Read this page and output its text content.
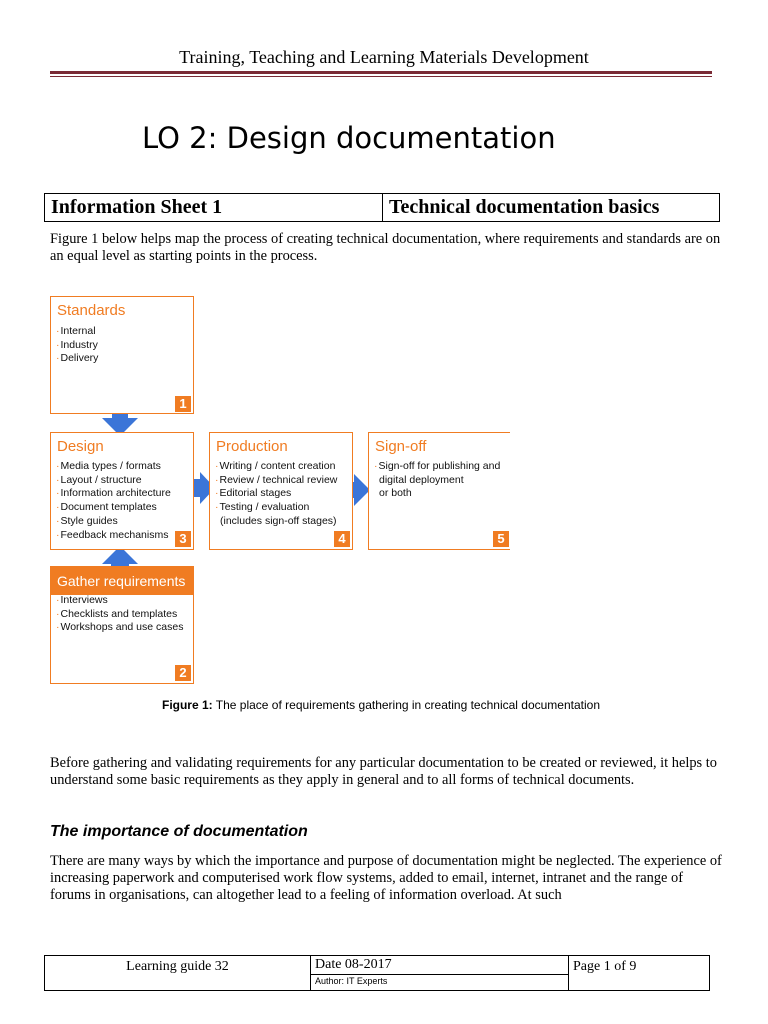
Training, Teaching and Learning Materials Development
LO 2: Design documentation
Information Sheet 1	Technical documentation basics
Figure 1 below helps map the process of creating technical documentation, where requirements and standards are on an equal level as starting points in the process.
Standards
·Internal
·Industry
·Delivery
1
Design
·Media types / formats
·Layout / structure
·Information architecture
·Document templates
·Style guides
·Feedback mechanisms 3
Production
·Writing / content creation
·Review / technical review
·Editorial stages
·Testing / evaluation
(includes sign-off stages)
4
Sign-off
·Sign-off for publishing and
digital deployment
or both
5
Gather requirements
·Interviews
·Checklists and templates
·Workshops and use cases
2
Figure 1: The place of requirements gathering in creating technical documentation
Before gathering and validating requirements for any particular documentation to be created or reviewed, it helps to understand some basic requirements as they apply in general and to all forms of technical documents.
The importance of documentation
There are many ways by which the importance and purpose of documentation might be neglected. The experience of increasing paperwork and computerised work flow systems, added to email, internet, intranet and the range of forums in organisations, can altogether lead to a feeling of information overload. At such
Learning guide 32	Date 08-2017
Author: IT Experts
Page 1 of 9
